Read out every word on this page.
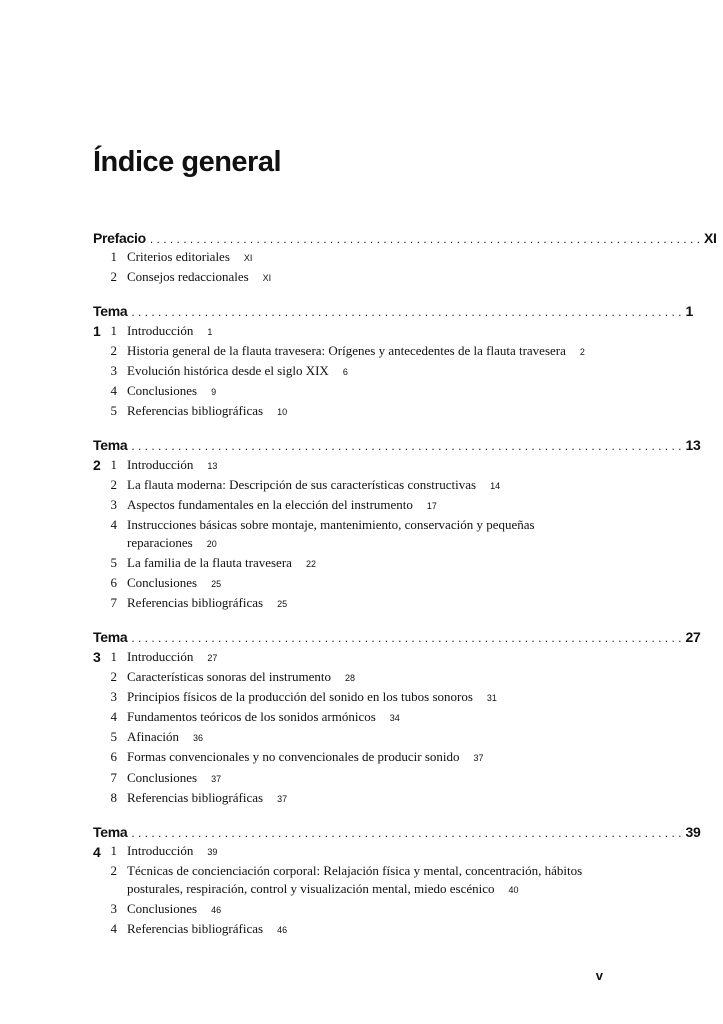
Índice general
Prefacio . . . . . . . . . . . . . . . . . . . . . . . . . . . . . . . . . . . . . . . . . . . . . . . . . . . . . . . . . . . . . . . . . . . . . . . . . . . . . . . . . . . XI
1 Criterios editoriales XI
2 Consejos redaccionales XI
Tema 1
. . . . . . . . . . . . . . . . . . . . . . . . . . . . . . . . . . . . . . . . . . . . . . . . . . . . . . . . . . . . . . . . . . . . . . . . . . . . . . . . . . . 1
1 Introducción 1
2 Historia general de la flauta travesera: Orígenes y antecedentes de la flauta travesera 2
3 Evolución histórica desde el siglo XIX 6
4 Conclusiones 9
5 Referencias bibliográficas 10
Tema 2
. . . . . . . . . . . . . . . . . . . . . . . . . . . . . . . . . . . . . . . . . . . . . . . . . . . . . . . . . . . . . . . . . . . . . . . . . . . . . . . . . . . 13
1 Introducción 13
2 La flauta moderna: Descripción de sus características constructivas 14
3 Aspectos fundamentales en la elección del instrumento 17
4 Instrucciones básicas sobre montaje, mantenimiento, conservación y pequeñas reparaciones 20
5 La familia de la flauta travesera 22
6 Conclusiones 25
7 Referencias bibliográficas 25
Tema 3
. . . . . . . . . . . . . . . . . . . . . . . . . . . . . . . . . . . . . . . . . . . . . . . . . . . . . . . . . . . . . . . . . . . . . . . . . . . . . . . . . . . 27
1 Introducción 27
2 Características sonoras del instrumento 28
3 Principios físicos de la producción del sonido en los tubos sonoros 31
4 Fundamentos teóricos de los sonidos armónicos 34
5 Afinación 36
6 Formas convencionales y no convencionales de producir sonido 37
7 Conclusiones 37
8 Referencias bibliográficas 37
Tema 4
. . . . . . . . . . . . . . . . . . . . . . . . . . . . . . . . . . . . . . . . . . . . . . . . . . . . . . . . . . . . . . . . . . . . . . . . . . . . . . . . . . . 39
1 Introducción 39
2 Técnicas de concienciación corporal: Relajación física y mental, concentración, hábitos posturales, respiración, control y visualización mental, miedo escénico 40
3 Conclusiones 46
4 Referencias bibliográficas 46
v
